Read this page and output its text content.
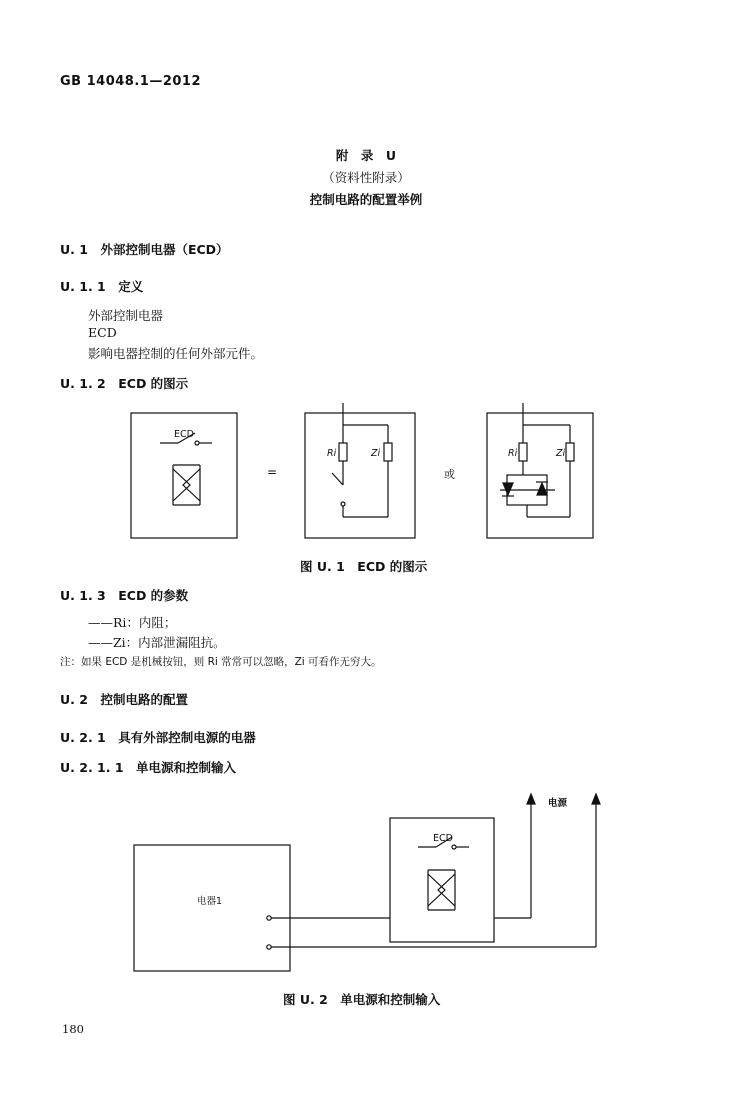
GB 14048.1—2012
附　录　U
（资料性附录）
控制电路的配置举例
U. 1　外部控制电器（ECD）
U. 1. 1　定义
外部控制电器
ECD
影响电器控制的任何外部元件。
U. 1. 2　ECD 的图示
ECD
Ri	Zi	Ri	Zi
=	或
图 U. 1　ECD 的图示
U. 1. 3　ECD 的参数
——Ri：内阻；
——Zi：内部泄漏阻抗。
注：如果 ECD 是机械按钮，则 Ri 常常可以忽略，Zi 可看作无穷大。
U. 2　控制电路的配置
U. 2. 1　具有外部控制电源的电器
U. 2. 1. 1　单电源和控制输入
电源
电器1
ECD
图 U. 2　单电源和控制输入
180
